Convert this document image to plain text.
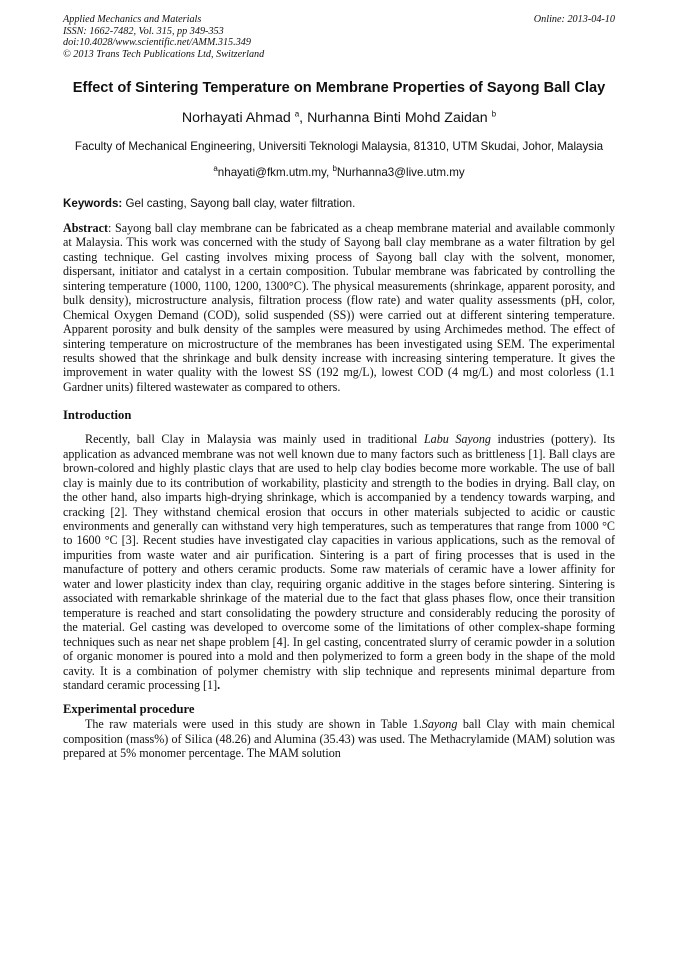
Applied Mechanics and Materials
ISSN: 1662-7482, Vol. 315, pp 349-353
doi:10.4028/www.scientific.net/AMM.315.349
© 2013 Trans Tech Publications Ltd, Switzerland
Online: 2013-04-10
Effect of Sintering Temperature on Membrane Properties of Sayong Ball Clay
Norhayati Ahmad $^a$, Nurhanna Binti Mohd Zaidan $^b$
Faculty of Mechanical Engineering, Universiti Teknologi Malaysia, 81310, UTM Skudai, Johor, Malaysia
$^a$nhayati@fkm.utm.my, $^b$Nurhanna3@live.utm.my
Keywords: Gel casting, Sayong ball clay, water filtration.

Abstract: Sayong ball clay membrane can be fabricated as a cheap membrane material and available commonly at Malaysia. This work was concerned with the study of Sayong ball clay membrane as a water filtration by gel casting technique. Gel casting involves mixing process of Sayong ball clay with the solvent, monomer, dispersant, initiator and catalyst in a certain composition. Tubular membrane was fabricated by controlling the sintering temperature (1000, 1100, 1200, 1300°C). The physical measurements (shrinkage, apparent porosity, and bulk density), microstructure analysis, filtration process (flow rate) and water quality assessments (pH, color, Chemical Oxygen Demand (COD), solid suspended (SS)) were carried out at different sintering temperature. Apparent porosity and bulk density of the samples were measured by using Archimedes method. The effect of sintering temperature on microstructure of the membranes has been investigated using SEM. The experimental results showed that the shrinkage and bulk density increase with increasing sintering temperature. It gives the improvement in water quality with the lowest SS (192 mg/L), lowest COD (4 mg/L) and most colorless (1.1 Gardner units) filtered wastewater as compared to others.

Introduction

Recently, ball Clay in Malaysia was mainly used in traditional Labu Sayong industries (pottery). Its application as advanced membrane was not well known due to many factors such as brittleness [1]. Ball clays are brown-colored and highly plastic clays that are used to help clay bodies become more workable. The use of ball clay is mainly due to its contribution of workability, plasticity and strength to the bodies in drying. Ball clay, on the other hand, also imparts high-drying shrinkage, which is accompanied by a tendency towards warping, and cracking [2]. They withstand chemical erosion that occurs in other materials subjected to acidic or caustic environments and generally can withstand very high temperatures, such as temperatures that range from 1000 °C to 1600 °C [3]. Recent studies have investigated clay capacities in various applications, such as the removal of impurities from waste water and air purification. Sintering is a part of firing processes that is used in the manufacture of pottery and others ceramic products. Some raw materials of ceramic have a lower affinity for water and lower plasticity index than clay, requiring organic additive in the stages before sintering. Sintering is associated with remarkable shrinkage of the material due to the fact that glass phases flow, once their transition temperature is reached and start consolidating the powdery structure and considerably reducing the porosity of the material. Gel casting was developed to overcome some of the limitations of other complex-shape forming techniques such as near net shape problem [4]. In gel casting, concentrated slurry of ceramic powder in a solution of organic monomer is poured into a mold and then polymerized to form a green body in the shape of the mold cavity. It is a combination of polymer chemistry with slip technique and represents minimal departure from standard ceramic processing [1].

Experimental procedure

The raw materials were used in this study are shown in Table 1.Sayong ball Clay with main chemical composition (mass%) of Silica (48.26) and Alumina (35.43) was used. The Methacrylamide (MAM) solution was prepared at 5% monomer percentage. The MAM solution
